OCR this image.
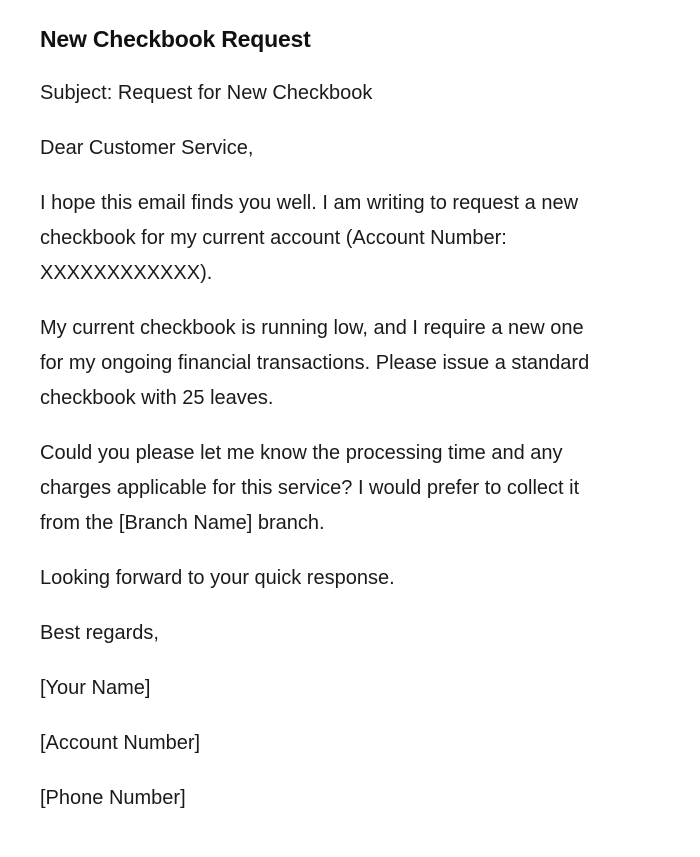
New Checkbook Request

Subject: Request for New Checkbook

Dear Customer Service,

I hope this email finds you well. I am writing to request a new checkbook for my current account (Account Number: XXXXXXXXXXXX).

My current checkbook is running low, and I require a new one for my ongoing financial transactions. Please issue a standard checkbook with 25 leaves.

Could you please let me know the processing time and any charges applicable for this service? I would prefer to collect it from the [Branch Name] branch.

Looking forward to your quick response.

Best regards,

[Your Name]

[Account Number]

[Phone Number]
